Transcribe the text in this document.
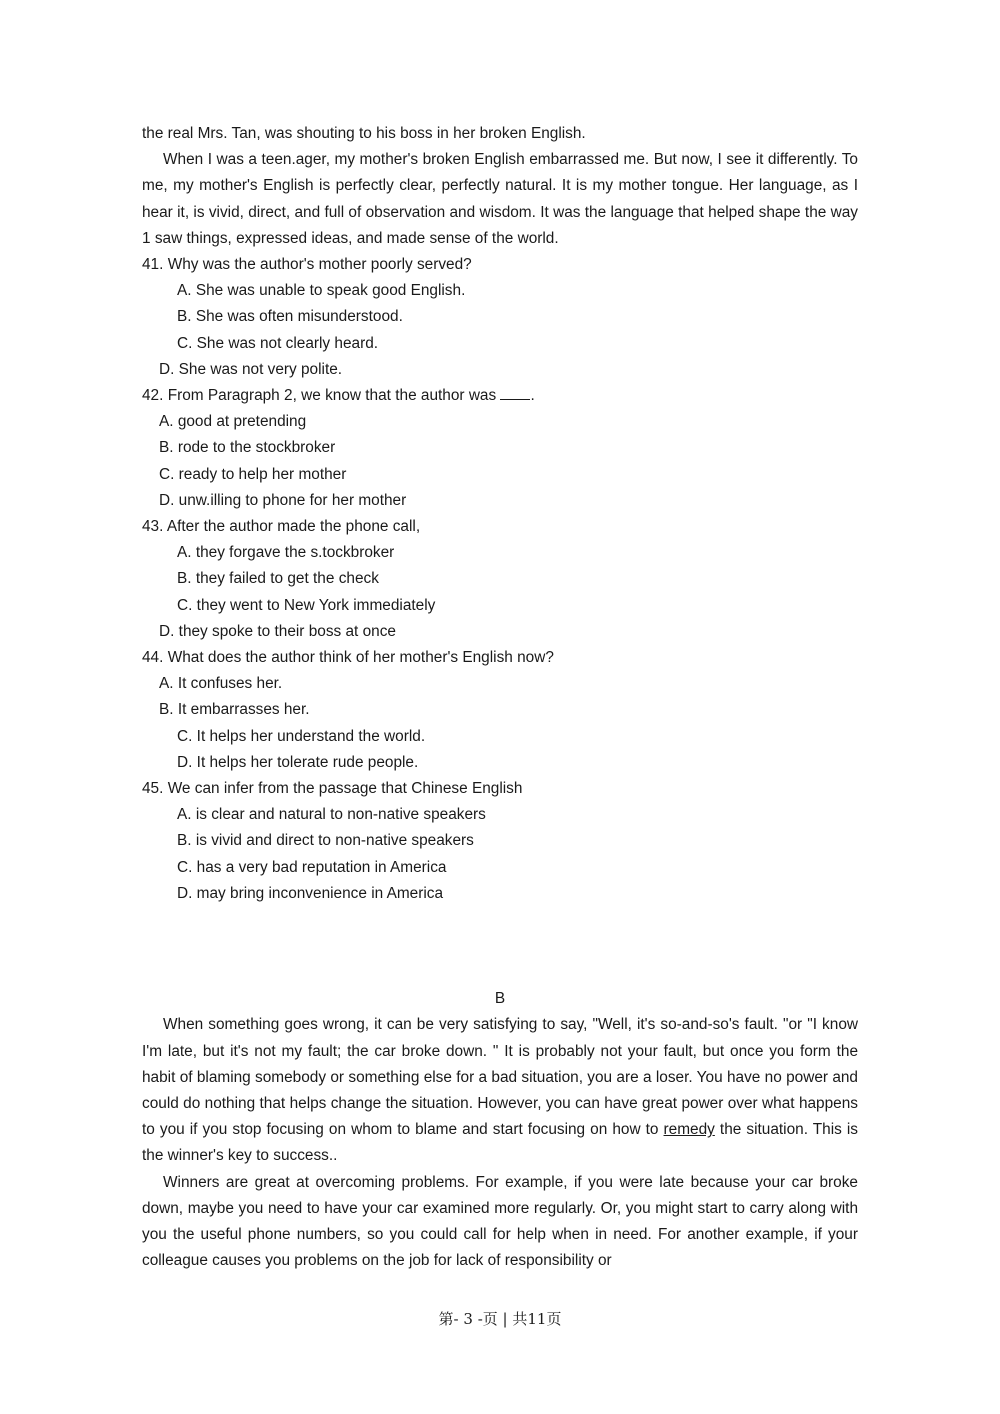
the real Mrs. Tan, was shouting to his boss in her broken English.
When I was a teen.ager, my mother's broken English embarrassed me. But now, I see it differently. To me, my mother's English is perfectly clear, perfectly natural. It is my mother tongue. Her language, as I hear it, is vivid, direct, and full of observation and wisdom. It was the language that helped shape the way 1 saw things, expressed ideas, and made sense of the world.
41. Why was the author's mother poorly served?
A. She was unable to speak good English.
B. She was often misunderstood.
C. She was not clearly heard.
D. She was not very polite.
42. From Paragraph 2, we know that the author was .
A. good at pretending
B. rode to the stockbroker
C. ready to help her mother
D. unw.illing to phone for her mother
43. After the author made the phone call,
A. they forgave the s.tockbroker
B. they failed to get the check
C. they went to New York immediately
D. they spoke to their boss at once
44. What does the author think of her mother's English now?
A. It confuses her.
B. It embarrasses her.
C. It helps her understand the world.
D. It helps her tolerate rude people.
45. We can infer from the passage that Chinese English
A. is clear and natural to non-native speakers
B. is vivid and direct to non-native speakers
C. has a very bad reputation in America
D. may bring inconvenience in America
B
When something goes wrong, it can be very satisfying to say, "Well, it's so-and-so's fault. "or "I know I'm late, but it's not my fault; the car broke down. " It is probably not your fault, but once you form the habit of blaming somebody or something else for a bad situation, you are a loser. You have no power and could do nothing that helps change the situation. However, you can have great power over what happens to you if you stop focusing on whom to blame and start focusing on how to remedy the situation. This is the winner's key to success..
Winners are great at overcoming problems. For example, if you were late because your car broke down, maybe you need to have your car examined more regularly. Or, you might start to carry along with you the useful phone numbers, so you could call for help when in need. For another example, if your colleague causes you problems on the job for lack of responsibility or
第- 3 -页 | 共11页
